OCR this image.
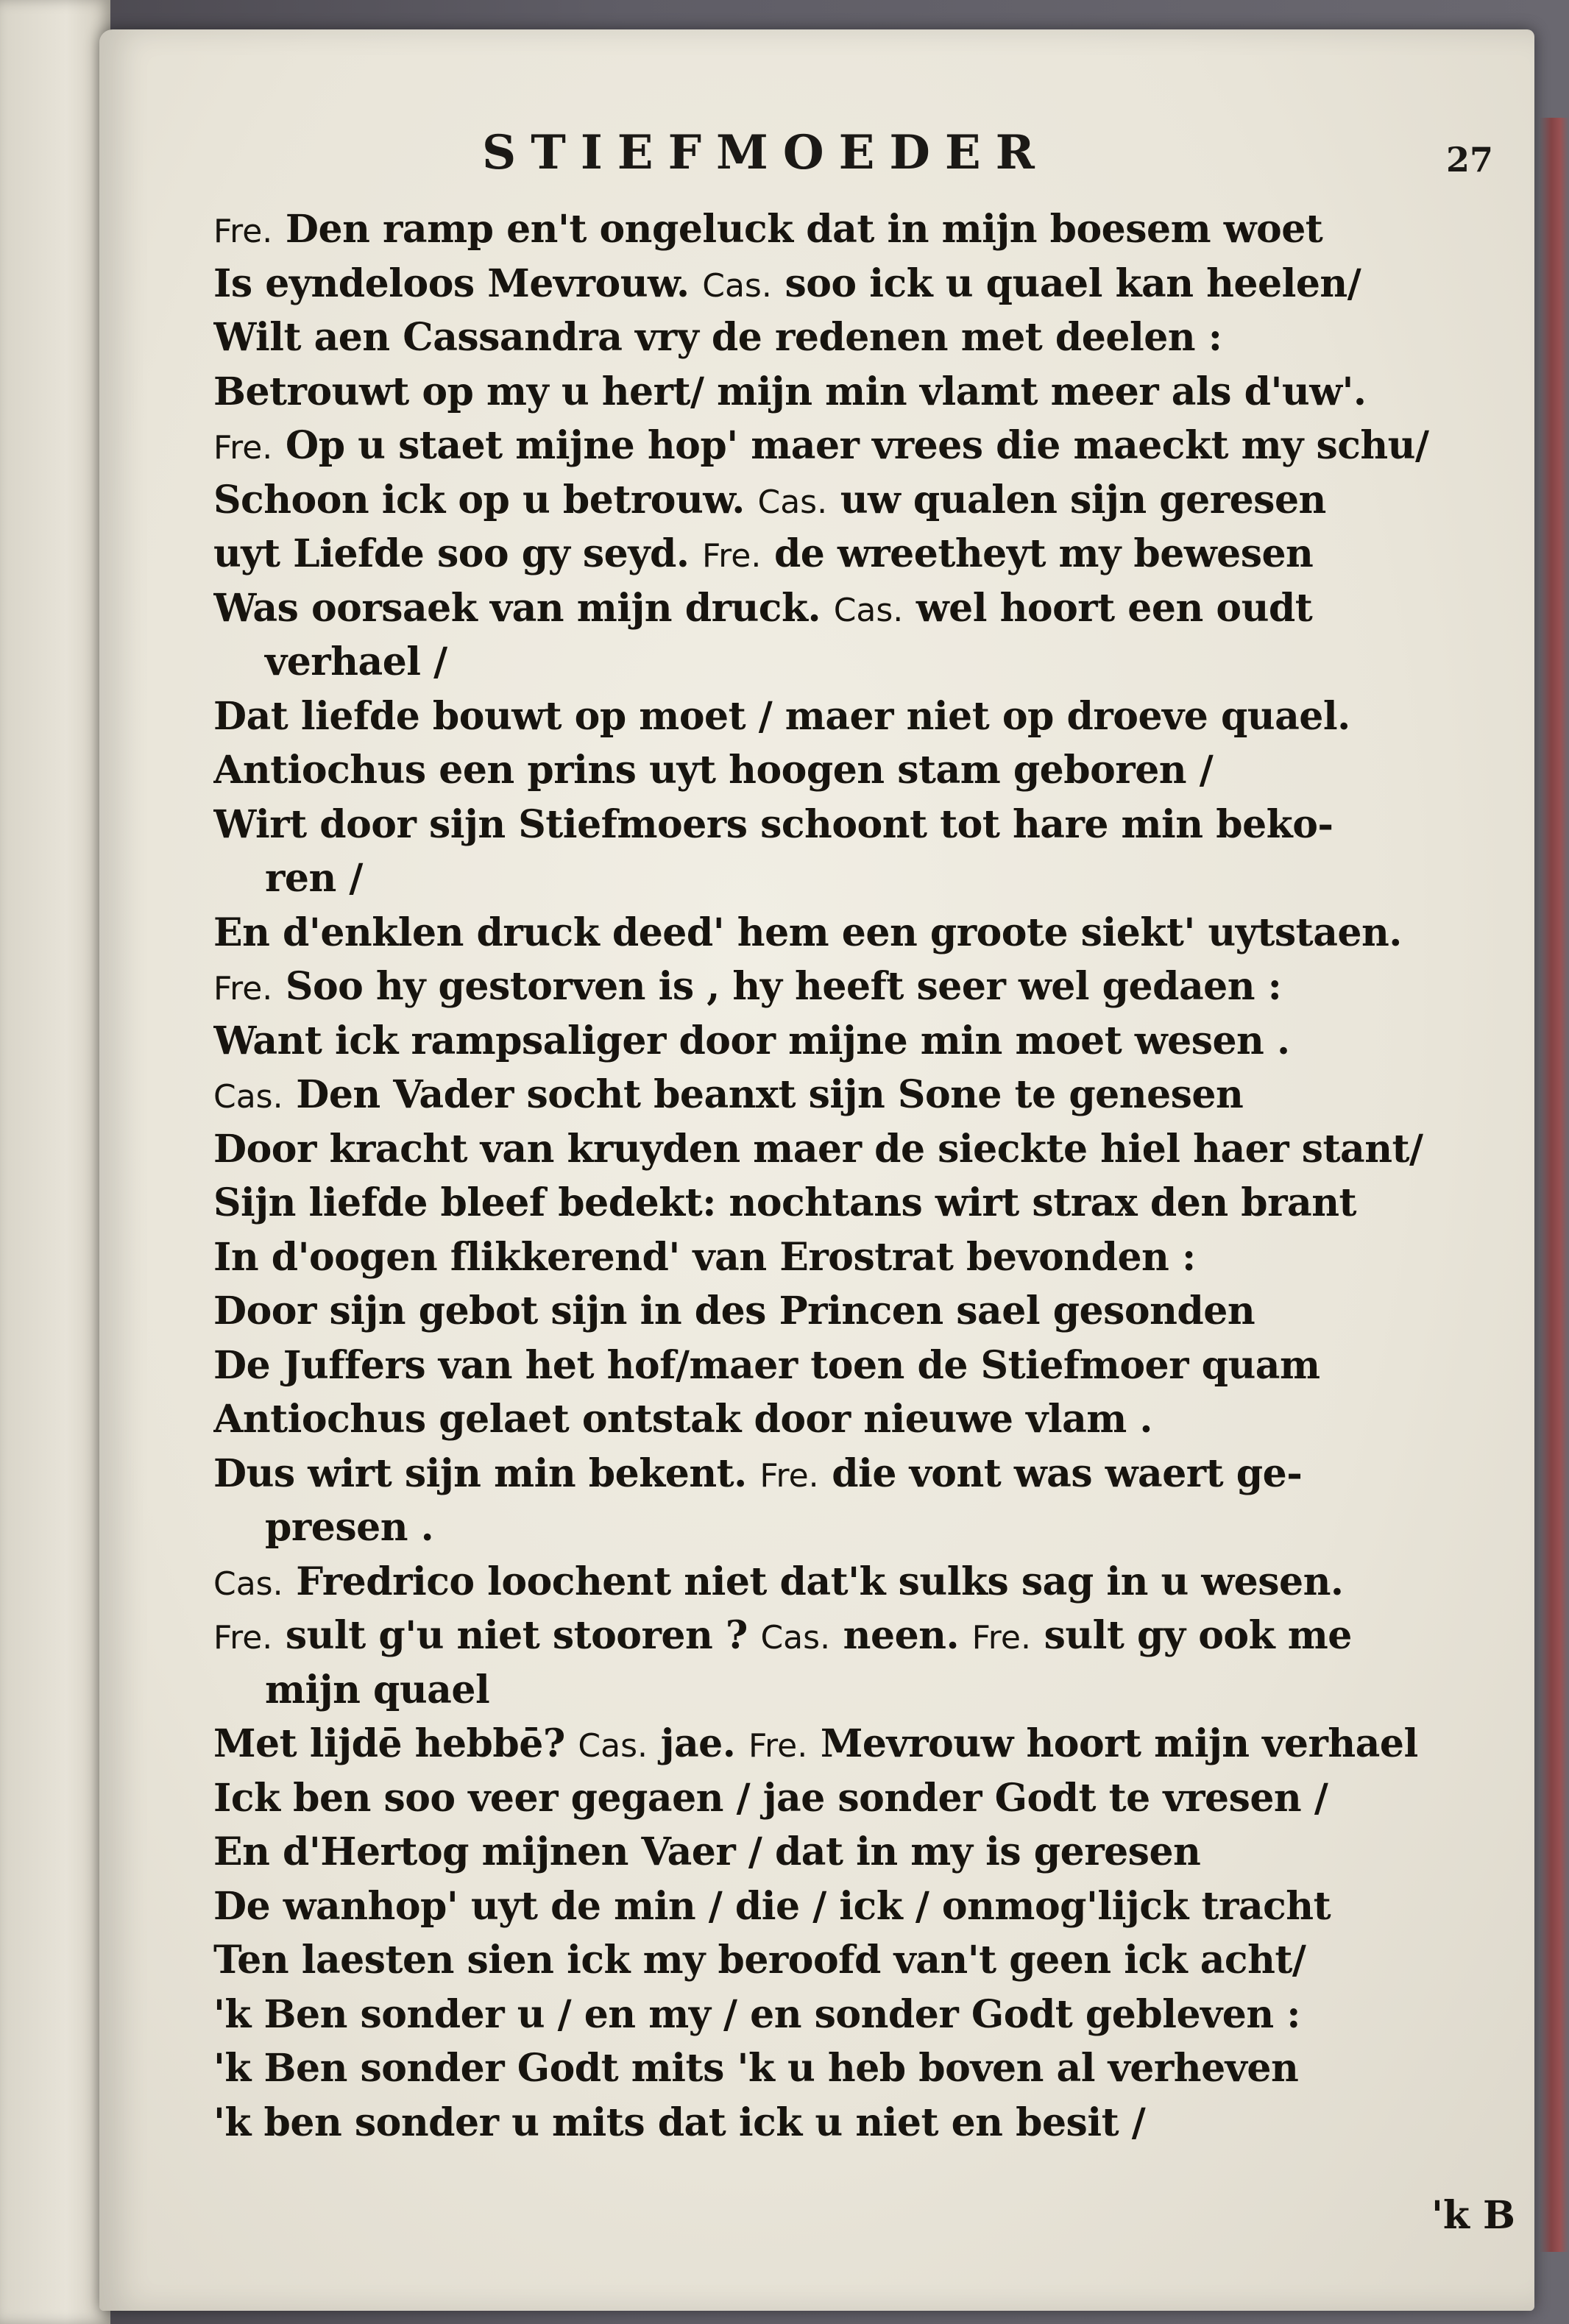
STIEFMOEDER	27
Fre. Den ramp en't ongeluck dat in mijn boesem woet
Is eyndeloos Mevrouw. Cas. soo ick u quael kan heelen/
Wilt aen Cassandra vry de redenen met deelen :
Betrouwt op my u hert/ mijn min vlamt meer als d'uw'.
Fre. Op u staet mijne hop' maer vrees die maeckt my schu/
Schoon ick op u betrouw. Cas. uw qualen sijn geresen
uyt Liefde soo gy seyd. Fre. de wreetheyt my bewesen
Was oorsaek van mijn druck. Cas. wel hoort een oudt
verhael /
Dat liefde bouwt op moet / maer niet op droeve quael.
Antiochus een prins uyt hoogen stam geboren /
Wirt door sijn Stiefmoers schoont tot hare min beko-
ren /
En d'enklen druck deed' hem een groote siekt' uytstaen.
Fre. Soo hy gestorven is , hy heeft seer wel gedaen :
Want ick rampsaliger door mijne min moet wesen .
Cas. Den Vader socht beanxt sijn Sone te genesen
Door kracht van kruyden maer de sieckte hiel haer stant/
Sijn liefde bleef bedekt: nochtans wirt strax den brant
In d'oogen flikkerend' van Erostrat bevonden :
Door sijn gebot sijn in des Princen sael gesonden
De Juffers van het hof/maer toen de Stiefmoer quam
Antiochus gelaet ontstak door nieuwe vlam .
Dus wirt sijn min bekent. Fre. die vont was waert ge-
presen .
Cas. Fredrico loochent niet dat'k sulks sag in u wesen.
Fre. sult g'u niet stooren ? Cas. neen. Fre. sult gy ook me
mijn quael
Met lijdē hebbē? Cas. jae. Fre. Mevrouw hoort mijn verhael
Ick ben soo veer gegaen / jae sonder Godt te vresen /
En d'Hertog mijnen Vaer / dat in my is geresen
De wanhop' uyt de min / die / ick / onmog'lijck tracht
Ten laesten sien ick my beroofd van't geen ick acht/
'k Ben sonder u / en my / en sonder Godt gebleven :
'k Ben sonder Godt mits 'k u heb boven al verheven
'k ben sonder u mits dat ick u niet en besit /
'k B
